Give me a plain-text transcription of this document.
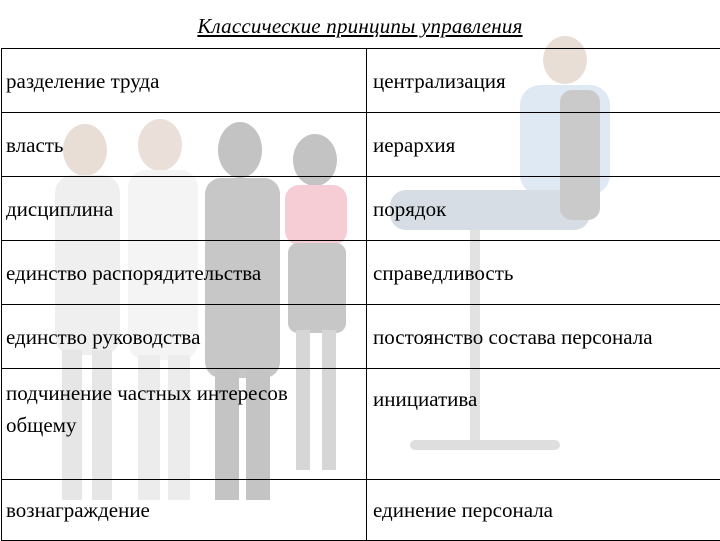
Классические принципы управления
разделение труда	централизация
власть	иерархия
дисциплина	порядок
единство распорядительства	справедливость
единство руководства	постоянство состава персонала
подчинение частных интересов общему	инициатива
вознаграждение	единение персонала
